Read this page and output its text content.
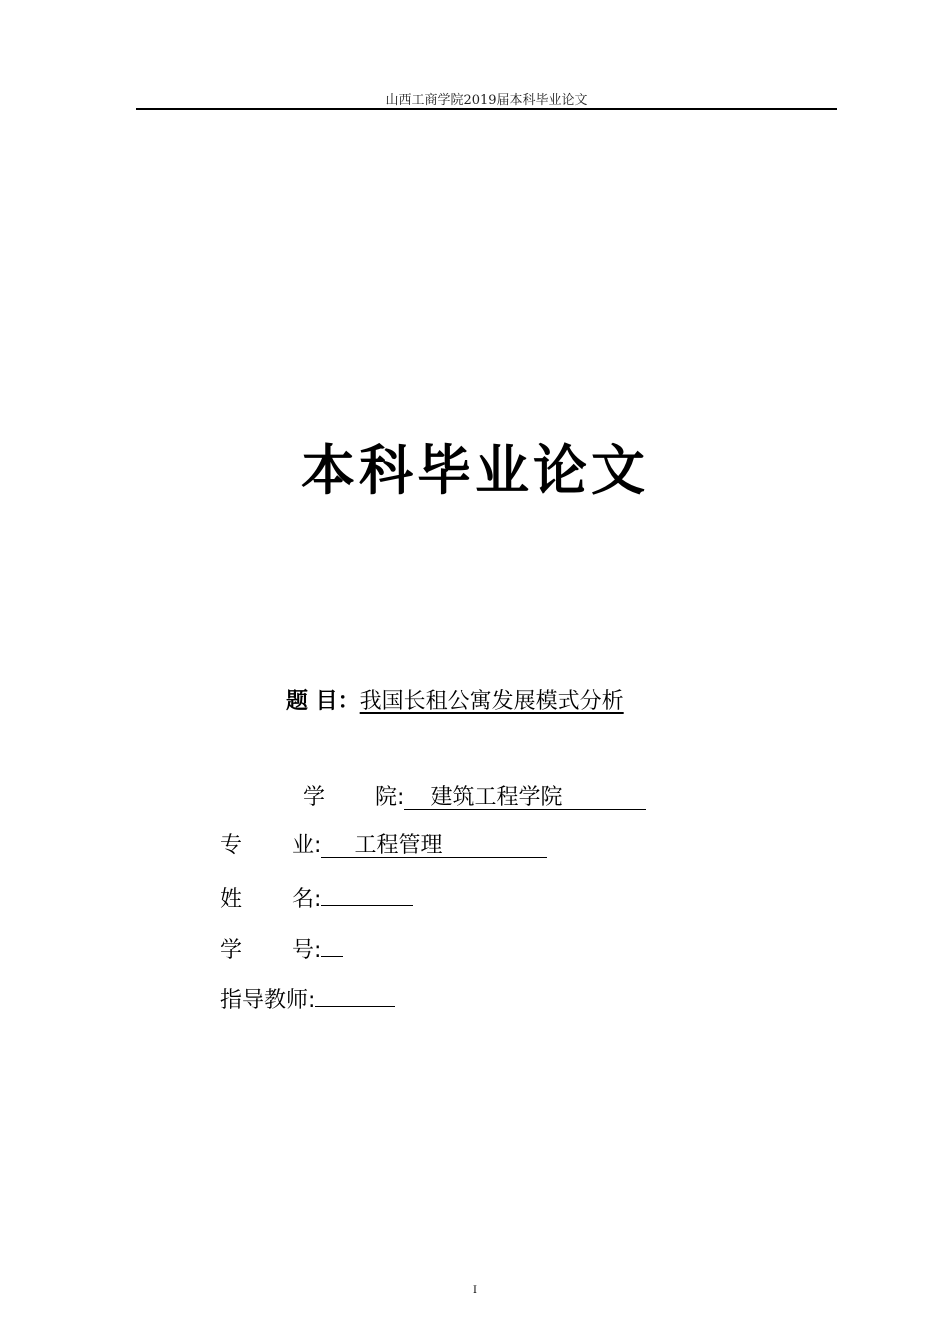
山西工商学院2019届本科毕业论文
本科毕业论文
题 目：我国长租公寓发展模式分析
学 院: 建筑工程学院
专 业: 工程管理
姓 名:
学 号:
指导教师:
I
